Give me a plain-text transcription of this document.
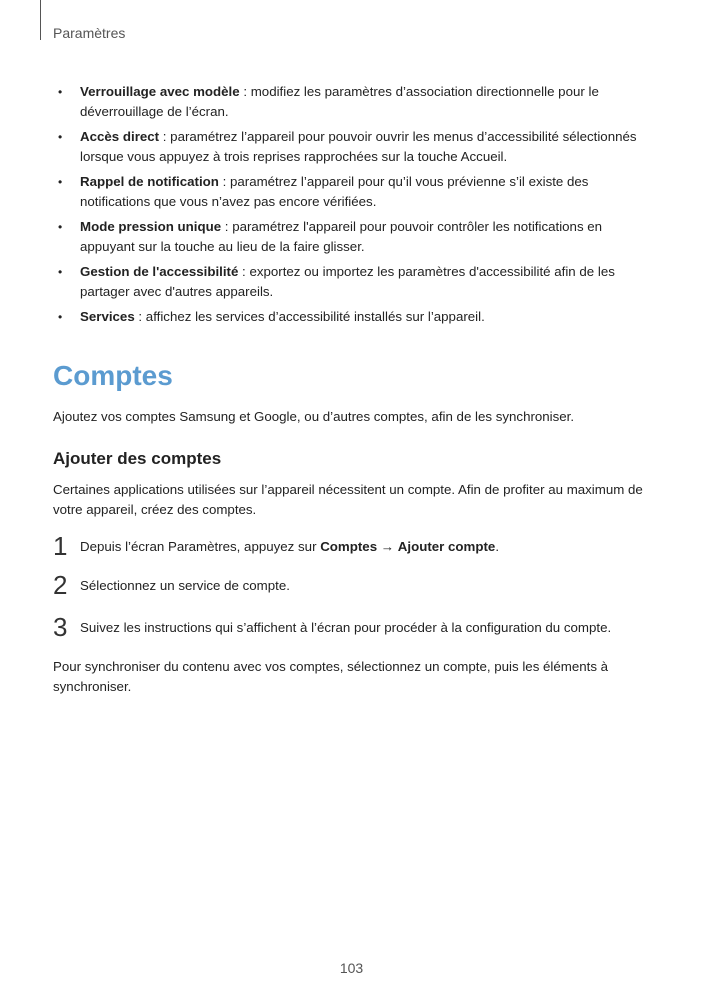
Paramètres
• Verrouillage avec modèle : modifiez les paramètres d’association directionnelle pour le déverrouillage de l’écran.
• Accès direct : paramétrez l’appareil pour pouvoir ouvrir les menus d’accessibilité sélectionnés lorsque vous appuyez à trois reprises rapprochées sur la touche Accueil.
• Rappel de notification : paramétrez l’appareil pour qu’il vous prévienne s’il existe des notifications que vous n’avez pas encore vérifiées.
• Mode pression unique : paramétrez l'appareil pour pouvoir contrôler les notifications en appuyant sur la touche au lieu de la faire glisser.
• Gestion de l'accessibilité : exportez ou importez les paramètres d'accessibilité afin de les partager avec d'autres appareils.
• Services : affichez les services d’accessibilité installés sur l’appareil.
Comptes
Ajoutez vos comptes Samsung et Google, ou d’autres comptes, afin de les synchroniser.
Ajouter des comptes
Certaines applications utilisées sur l’appareil nécessitent un compte. Afin de profiter au maximum de votre appareil, créez des comptes.
1 Depuis l’écran Paramètres, appuyez sur Comptes → Ajouter compte.
2 Sélectionnez un service de compte.
3 Suivez les instructions qui s’affichent à l’écran pour procéder à la configuration du compte.
Pour synchroniser du contenu avec vos comptes, sélectionnez un compte, puis les éléments à synchroniser.
103
